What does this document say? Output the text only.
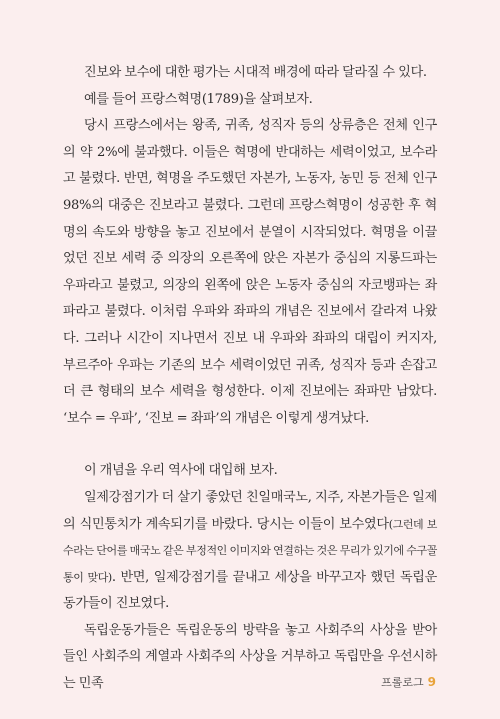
진보와 보수에 대한 평가는 시대적 배경에 따라 달라질 수 있다.

예를 들어 프랑스혁명(1789)을 살펴보자.

당시 프랑스에서는 왕족, 귀족, 성직자 등의 상류층은 전체 인구의 약 2%에 불과했다. 이들은 혁명에 반대하는 세력이었고, 보수라고 불렸다. 반면, 혁명을 주도했던 자본가, 노동자, 농민 등 전체 인구 98%의 대중은 진보라고 불렸다. 그런데 프랑스혁명이 성공한 후 혁명의 속도와 방향을 놓고 진보에서 분열이 시작되었다. 혁명을 이끌었던 진보 세력 중 의장의 오른쪽에 앉은 자본가 중심의 지롱드파는 우파라고 불렸고, 의장의 왼쪽에 앉은 노동자 중심의 자코뱅파는 좌파라고 불렸다. 이처럼 우파와 좌파의 개념은 진보에서 갈라져 나왔다. 그러나 시간이 지나면서 진보 내 우파와 좌파의 대립이 커지자, 부르주아 우파는 기존의 보수 세력이었던 귀족, 성직자 등과 손잡고 더 큰 형태의 보수 세력을 형성한다. 이제 진보에는 좌파만 남았다. ‘보수 = 우파’, ‘진보 = 좌파’의 개념은 이렇게 생겨났다.

이 개념을 우리 역사에 대입해 보자.

일제강점기가 더 살기 좋았던 친일매국노, 지주, 자본가들은 일제의 식민통치가 계속되기를 바랐다. 당시는 이들이 보수였다(그런데 보수라는 단어를 매국노 같은 부정적인 이미지와 연결하는 것은 무리가 있기에 수구꼴통이 맞다). 반면, 일제강점기를 끝내고 세상을 바꾸고자 했던 독립운동가들이 진보였다.

독립운동가들은 독립운동의 방략을 놓고 사회주의 사상을 받아들인 사회주의 계열과 사회주의 사상을 거부하고 독립만을 우선시하는 민족	프롤로그 9
